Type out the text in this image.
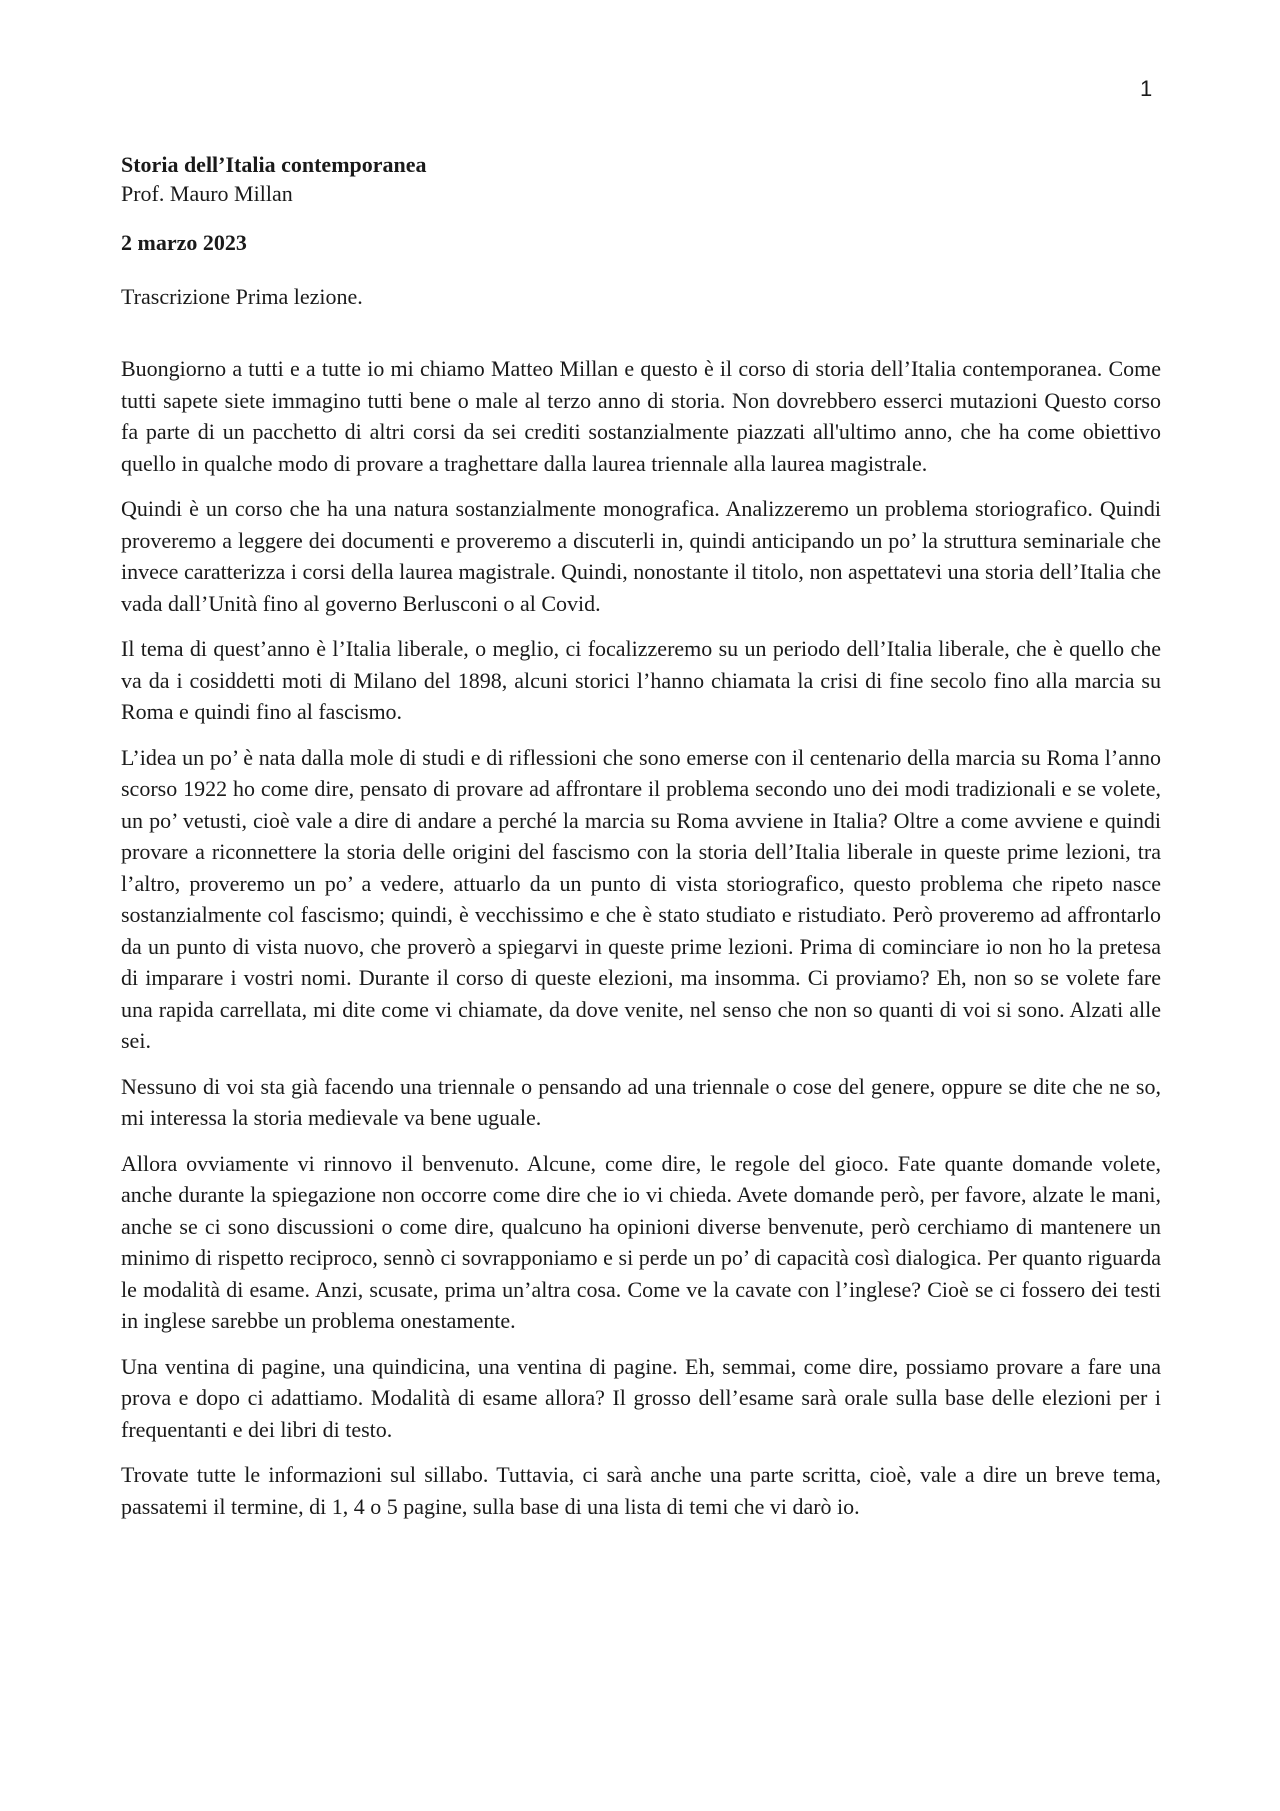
1

Storia dell’Italia contemporanea

Prof. Mauro Millan

2 marzo 2023

Trascrizione Prima lezione.

Buongiorno a tutti e a tutte io mi chiamo Matteo Millan e questo è il corso di storia dell’Italia contemporanea. Come tutti sapete siete immagino tutti bene o male al terzo anno di storia. Non dovrebbero esserci mutazioni Questo corso fa parte di un pacchetto di altri corsi da sei crediti sostanzialmente piazzati all'ultimo anno, che ha come obiettivo quello in qualche modo di provare a traghettare dalla laurea triennale alla laurea magistrale.

Quindi è un corso che ha una natura sostanzialmente monografica. Analizzeremo un problema storiografico. Quindi proveremo a leggere dei documenti e proveremo a discuterli in, quindi anticipando un po’ la struttura seminariale che invece caratterizza i corsi della laurea magistrale. Quindi, nonostante il titolo, non aspettatevi una storia dell’Italia che vada dall’Unità fino al governo Berlusconi o al Covid.

Il tema di quest’anno è l’Italia liberale, o meglio, ci focalizzeremo su un periodo dell’Italia liberale, che è quello che va da i cosiddetti moti di Milano del 1898, alcuni storici l’hanno chiamata la crisi di fine secolo fino alla marcia su Roma e quindi fino al fascismo.

L’idea un po’ è nata dalla mole di studi e di riflessioni che sono emerse con il centenario della marcia su Roma l’anno scorso 1922 ho come dire, pensato di provare ad affrontare il problema secondo uno dei modi tradizionali e se volete, un po’ vetusti, cioè vale a dire di andare a perché la marcia su Roma avviene in Italia? Oltre a come avviene e quindi provare a riconnettere la storia delle origini del fascismo con la storia dell’Italia liberale in queste prime lezioni, tra l’altro, proveremo un po’ a vedere, attuarlo da un punto di vista storiografico, questo problema che ripeto nasce sostanzialmente col fascismo; quindi, è vecchissimo e che è stato studiato e ristudiato. Però proveremo ad affrontarlo da un punto di vista nuovo, che proverò a spiegarvi in queste prime lezioni. Prima di cominciare io non ho la pretesa di imparare i vostri nomi. Durante il corso di queste elezioni, ma insomma. Ci proviamo? Eh, non so se volete fare una rapida carrellata, mi dite come vi chiamate, da dove venite, nel senso che non so quanti di voi si sono. Alzati alle sei.

Nessuno di voi sta già facendo una triennale o pensando ad una triennale o cose del genere, oppure se dite che ne so, mi interessa la storia medievale va bene uguale.

Allora ovviamente vi rinnovo il benvenuto. Alcune, come dire, le regole del gioco. Fate quante domande volete, anche durante la spiegazione non occorre come dire che io vi chieda. Avete domande però, per favore, alzate le mani, anche se ci sono discussioni o come dire, qualcuno ha opinioni diverse benvenute, però cerchiamo di mantenere un minimo di rispetto reciproco, sennò ci sovrapponiamo e si perde un po’ di capacità così dialogica. Per quanto riguarda le modalità di esame. Anzi, scusate, prima un’altra cosa. Come ve la cavate con l’inglese? Cioè se ci fossero dei testi in inglese sarebbe un problema onestamente.

Una ventina di pagine, una quindicina, una ventina di pagine. Eh, semmai, come dire, possiamo provare a fare una prova e dopo ci adattiamo. Modalità di esame allora? Il grosso dell’esame sarà orale sulla base delle elezioni per i frequentanti e dei libri di testo.

Trovate tutte le informazioni sul sillabo. Tuttavia, ci sarà anche una parte scritta, cioè, vale a dire un breve tema, passatemi il termine, di 1, 4 o 5 pagine, sulla base di una lista di temi che vi darò io.
